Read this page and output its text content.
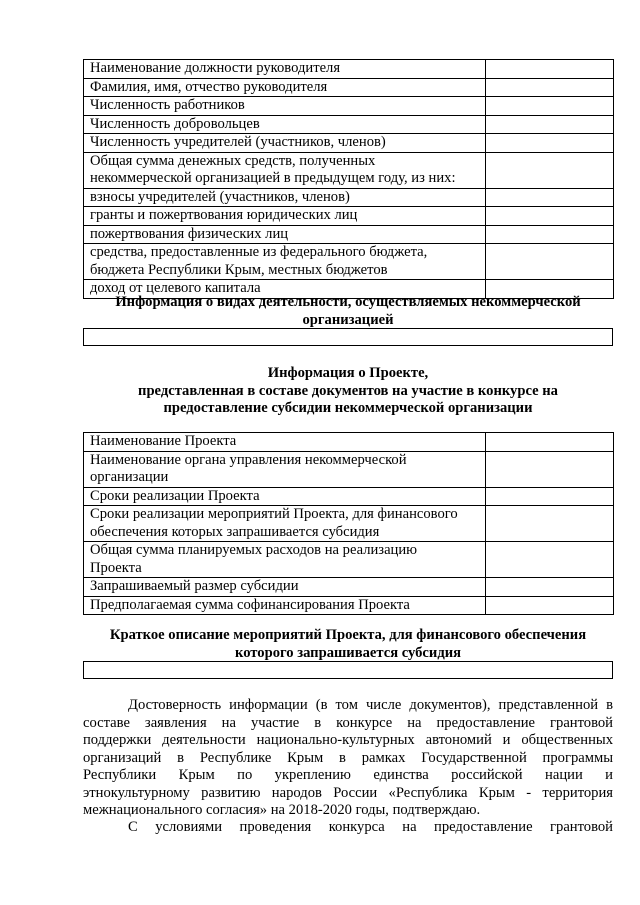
Наименование должности руководителя	

Фамилия, имя, отчество руководителя	

Численность работников	

Численность добровольцев	

Численность учредителей (участников, членов)	

Общая сумма денежных средств, полученных
некоммерческой организацией в предыдущем году, из них:	

взносы учредителей (участников, членов)	

гранты и пожертвования юридических лиц	

пожертвования физических лиц	

средства, предоставленные из федерального бюджета,
бюджета Республики Крым, местных бюджетов	

доход от целевого капитала	

Информация о видах деятельности, осуществляемых некоммерческой
организацией
Информация о Проекте,
представленная в составе документов на участие в конкурсе на
предоставление субсидии некоммерческой организации
Наименование Проекта	

Наименование органа управления некоммерческой
организации	

Сроки реализации Проекта	

Сроки реализации мероприятий Проекта, для финансового
обеспечения которых запрашивается субсидия	

Общая сумма планируемых расходов на реализацию
Проекта	

Запрашиваемый размер субсидии	

Предполагаемая сумма софинансирования Проекта	

Краткое описание мероприятий Проекта, для финансового обеспечения
которого запрашивается субсидия
Достоверность информации (в том числе документов), представленной в
составе заявления на участие в конкурсе на предоставление грантовой
поддержки деятельности национально-культурных автономий и общественных
организаций в Республике Крым в рамках Государственной программы
Республики Крым по укреплению единства российской нации и
этнокультурному развитию народов России «Республика Крым - территория
межнационального согласия» на 2018-2020 годы, подтверждаю.
С условиями проведения конкурса на предоставление грантовой
